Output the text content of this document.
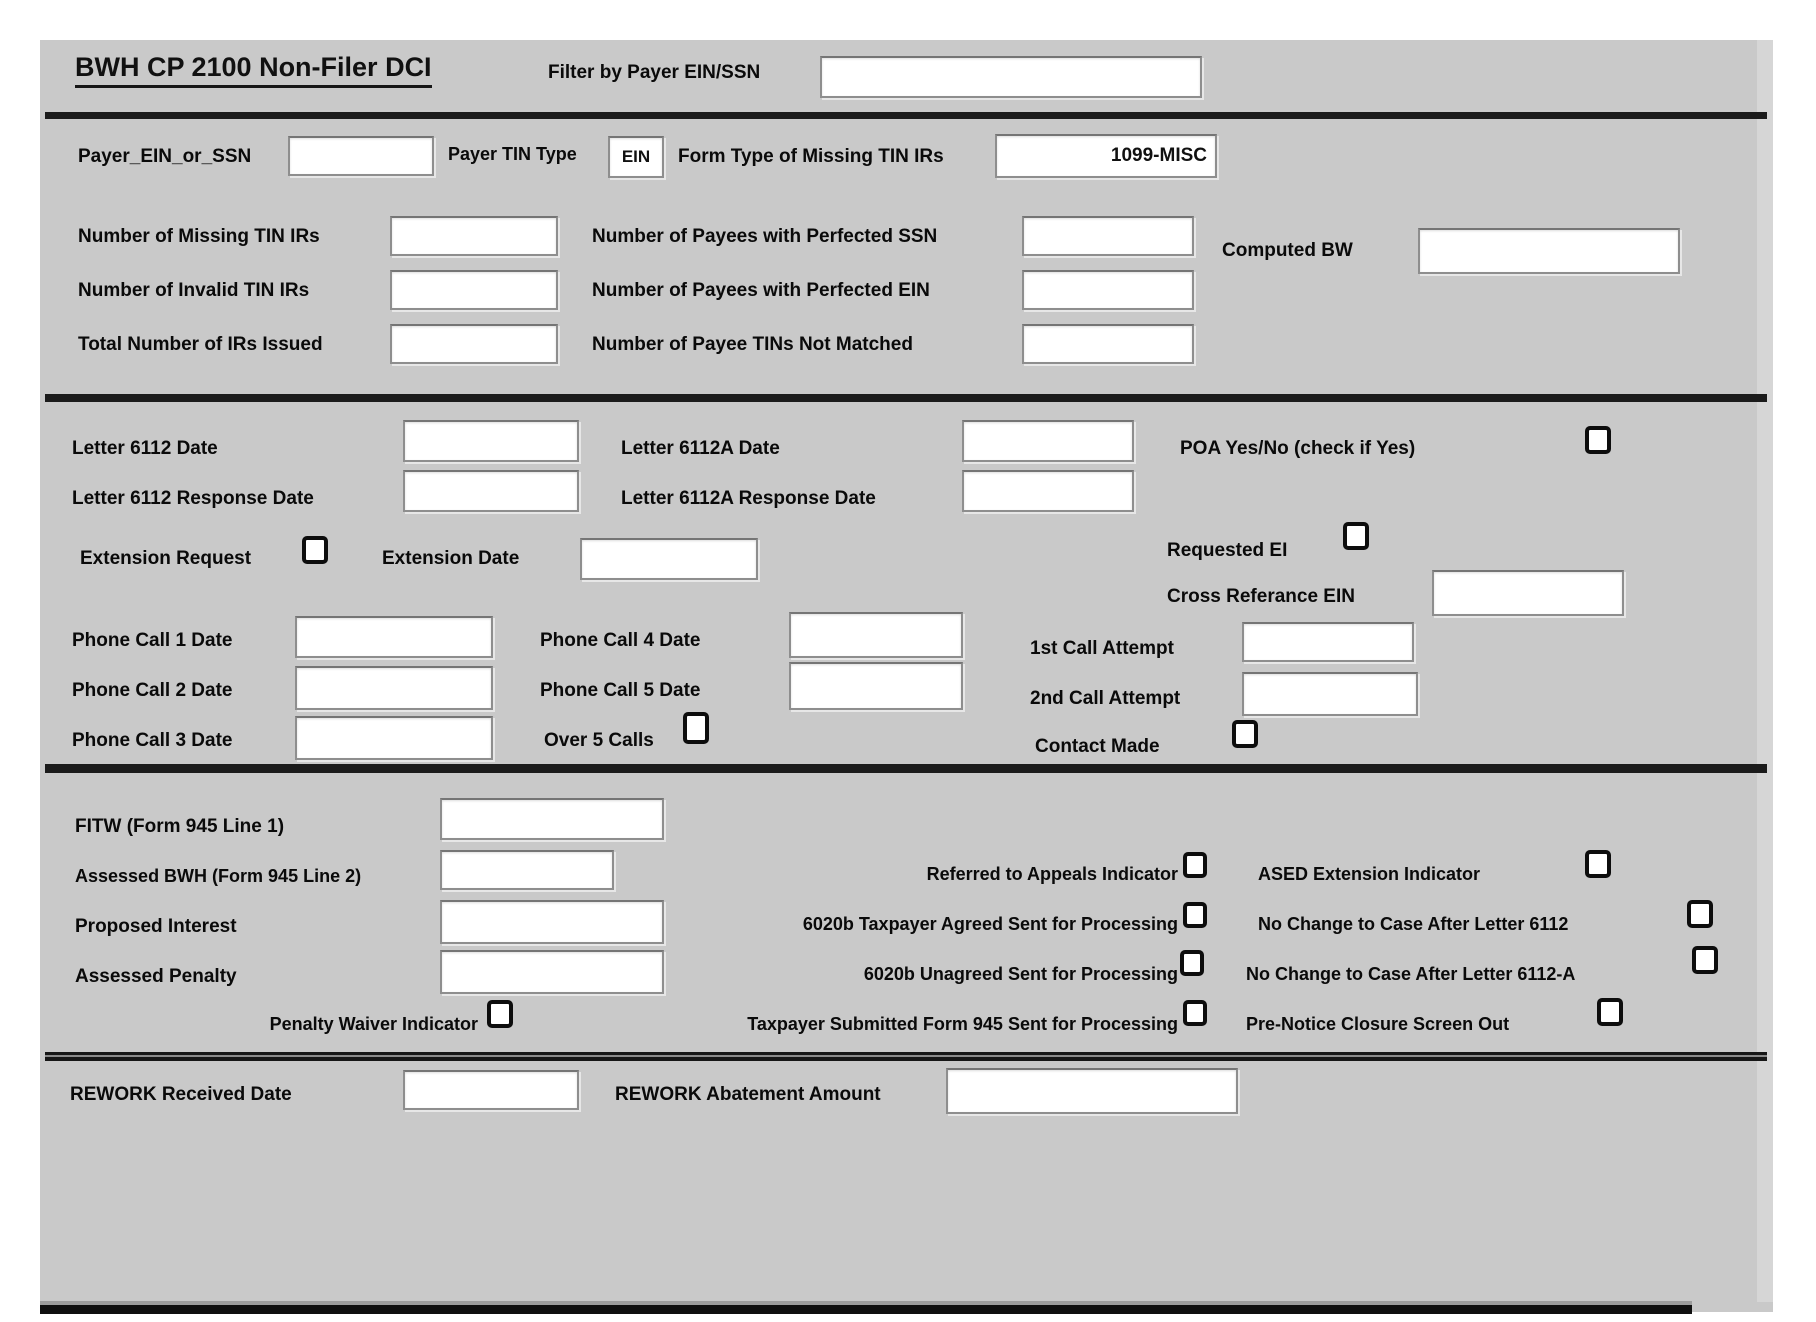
BWH CP 2100 Non-Filer DCI	Filter by Payer EIN/SSN
Payer_EIN_or_SSN	Payer TIN Type	EIN	Form Type of Missing TIN IRs	1099-MISC
Number of Missing TIN IRs	Number of Payees with Perfected SSN
Computed BW
Number of Invalid TIN IRs	Number of Payees with Perfected EIN
Total Number of IRs Issued	Number of Payee TINs Not Matched
Letter 6112 Date	Letter 6112A Date	POA Yes/No (check if Yes)
Letter 6112 Response Date	Letter 6112A Response Date
Extension Request	Extension Date	Requested EI
Cross Referance EIN
Phone Call 1 Date	Phone Call 4 Date	1st Call Attempt
Phone Call 2 Date	Phone Call 5 Date	2nd Call Attempt
Phone Call 3 Date	Over 5 Calls	Contact Made
FITW (Form 945 Line 1)
Assessed BWH (Form 945 Line 2)	Referred to Appeals Indicator	ASED Extension Indicator
Proposed Interest	6020b Taxpayer Agreed Sent for Processing	No Change to Case After Letter 6112
Assessed Penalty	6020b Unagreed Sent for Processing	No Change to Case After Letter 6112-A
Penalty Waiver Indicator	Taxpayer Submitted Form 945 Sent for Processing	Pre-Notice Closure Screen Out
REWORK Received Date	REWORK Abatement Amount
